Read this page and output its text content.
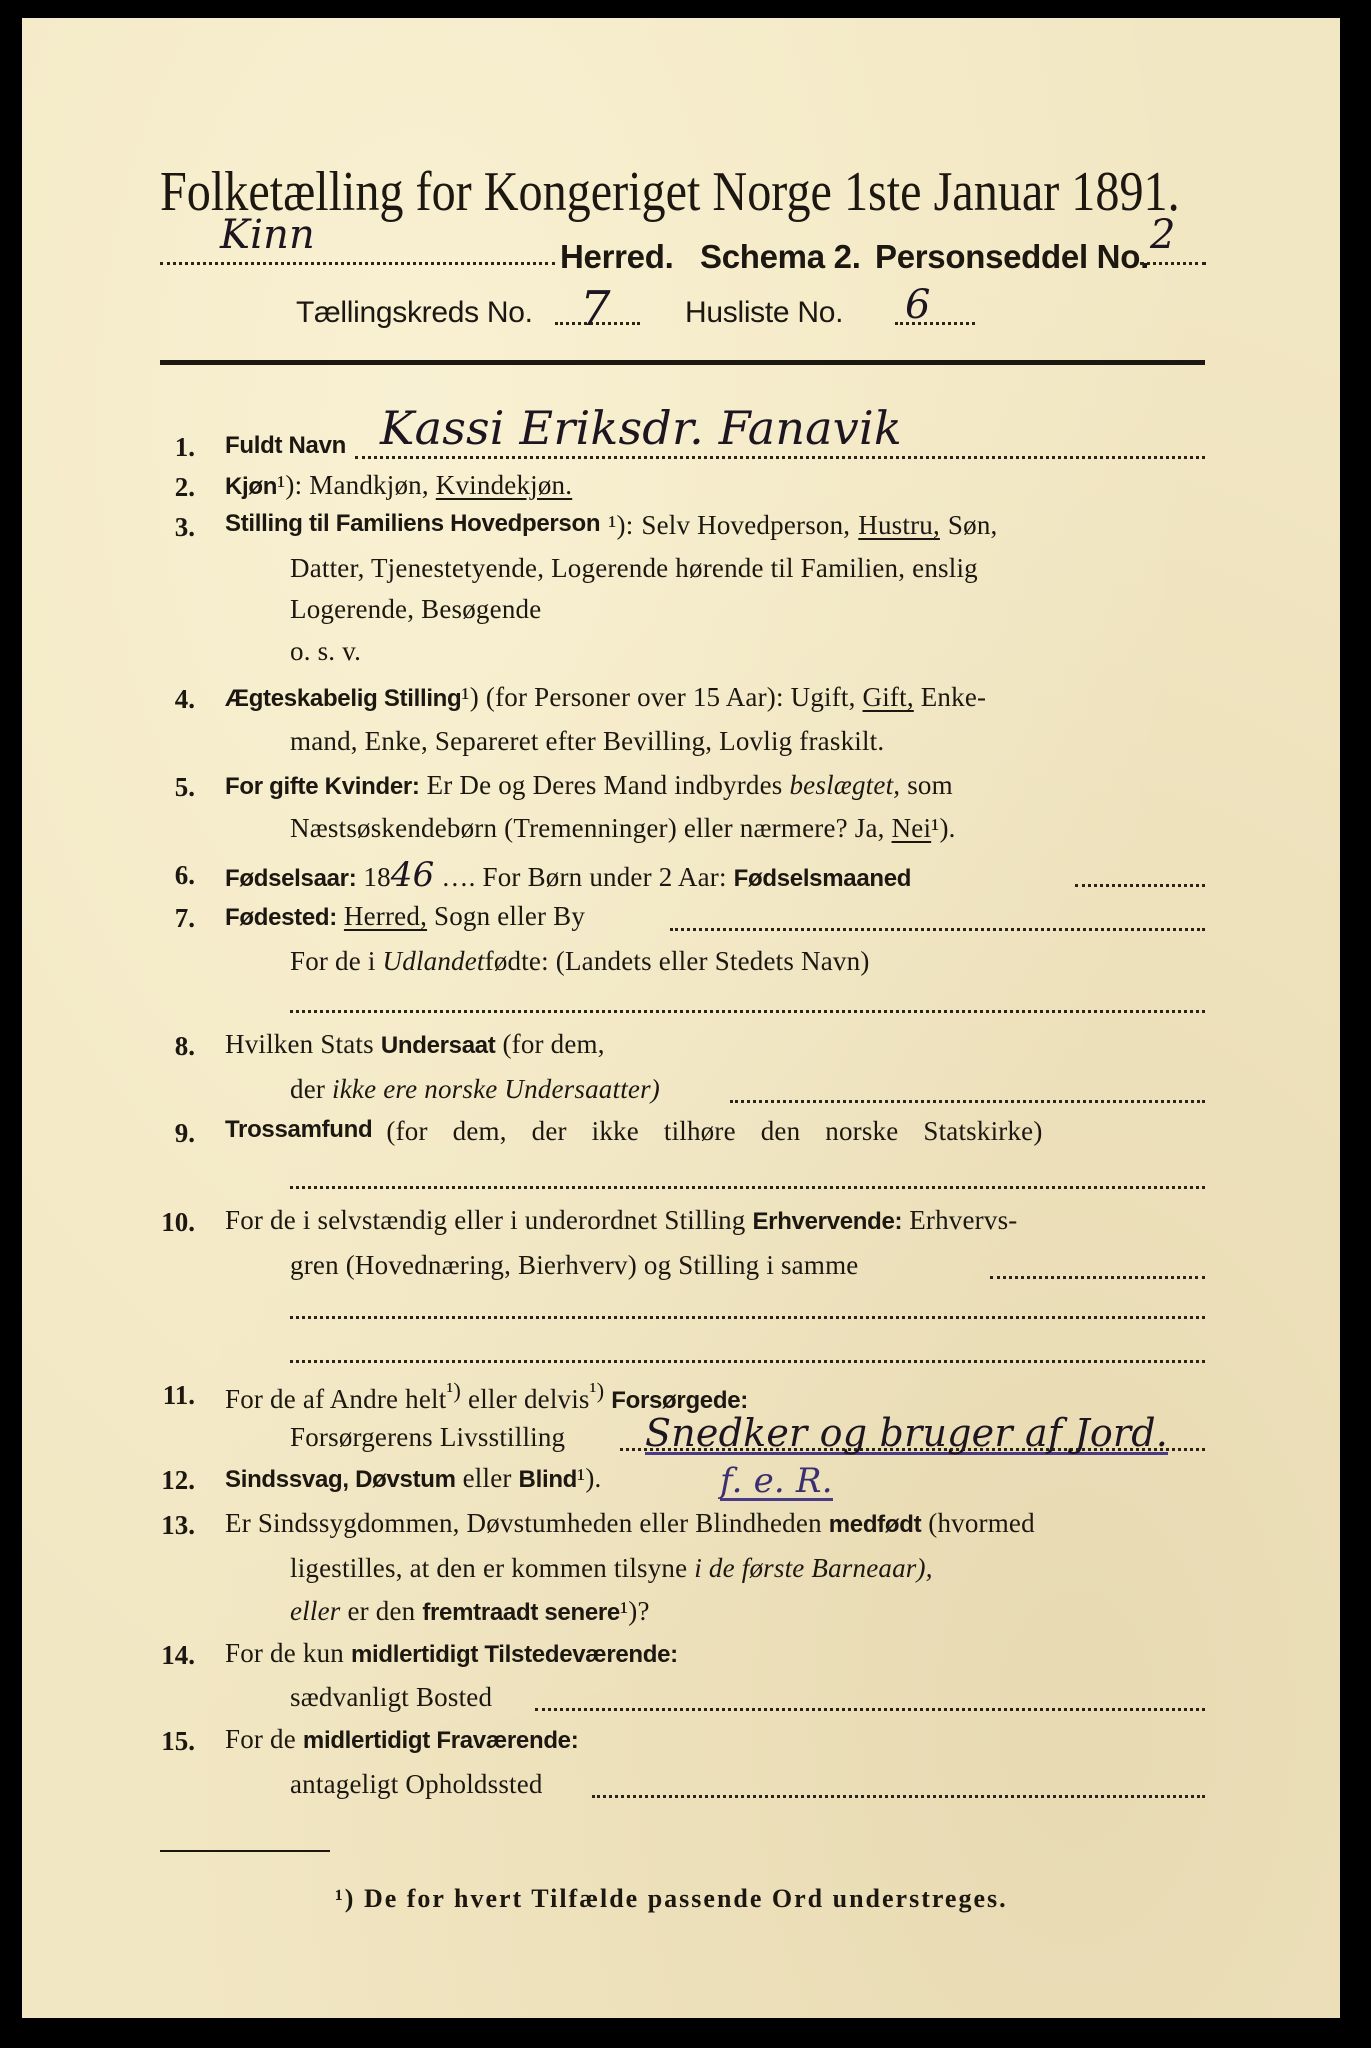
Folketælling for Kongeriget Norge 1ste Januar 1891.
Kinn	Herred. Schema 2. Personseddel No. 2
Tællingskreds No. 7 Husliste No. 6
1. Fuldt Navn Kassi Eriksdr. Fanavik
2. Kjøn¹): Mandkjøn, Kvindekjøn.
3. Stilling til Familiens Hovedperson ¹): Selv Hovedperson, Hustru, Søn,
Datter, Tjenestetyende, Logerende hørende til Familien, enslig
Logerende, Besøgende
o. s. v.
4. Ægteskabelig Stilling¹) (for Personer over 15 Aar): Ugift, Gift, Enke-
mand, Enke, Separeret efter Bevilling, Lovlig fraskilt.
5. For gifte Kvinder: Er De og Deres Mand indbyrdes beslægtet, som
Næstsøskendebørn (Tremenninger) eller nærmere? Ja, Nei¹).
6. Fødselsaar: 1846 …. For Børn under 2 Aar: Fødselsmaaned
7. Fødested: Herred, Sogn eller By
For de i Udlandetfødte: (Landets eller Stedets Navn)
8. Hvilken Stats Undersaat (for dem,
der ikke ere norske Undersaatter)
9. Trossamfund (for dem, der ikke tilhøre den norske Statskirke)
10. For de i selvstændig eller i underordnet Stilling Erhvervende: Erhvervs-
gren (Hovednæring, Bierhverv) og Stilling i samme
11. For de af Andre helt$^{^1)}$ eller delvis$^{^1)}$ Forsørgede:
Forsørgerens Livsstilling Snedker og bruger af Jord.
12. Sindssvag, Døvstum eller Blind¹).	f. e. R.
13. Er Sindssygdommen, Døvstumheden eller Blindheden medfødt (hvormed
ligestilles, at den er kommen tilsyne i de første Barneaar),
eller er den fremtraadt senere¹)?
14. For de kun midlertidigt Tilstedeværende:
sædvanligt Bosted
15. For de midlertidigt Fraværende:
antageligt Opholdssted
¹) De for hvert Tilfælde passende Ord understreges.
